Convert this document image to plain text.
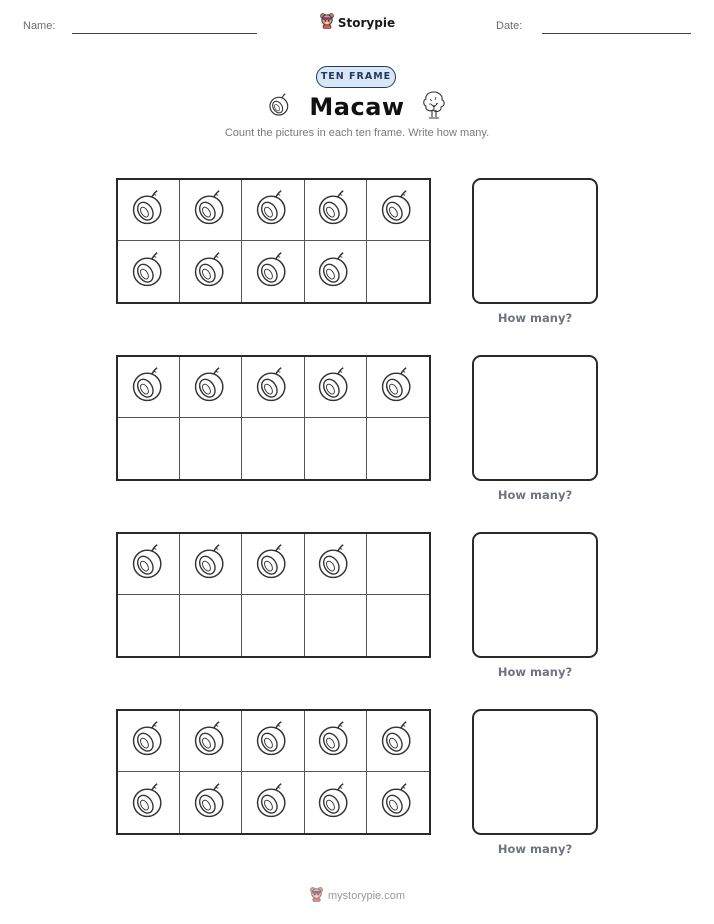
Name:	Storypie	Date:
TEN FRAME
Macaw
Count the pictures in each ten frame. Write how many.
How many?
How many?
How many?
How many?
mystorypie.com
